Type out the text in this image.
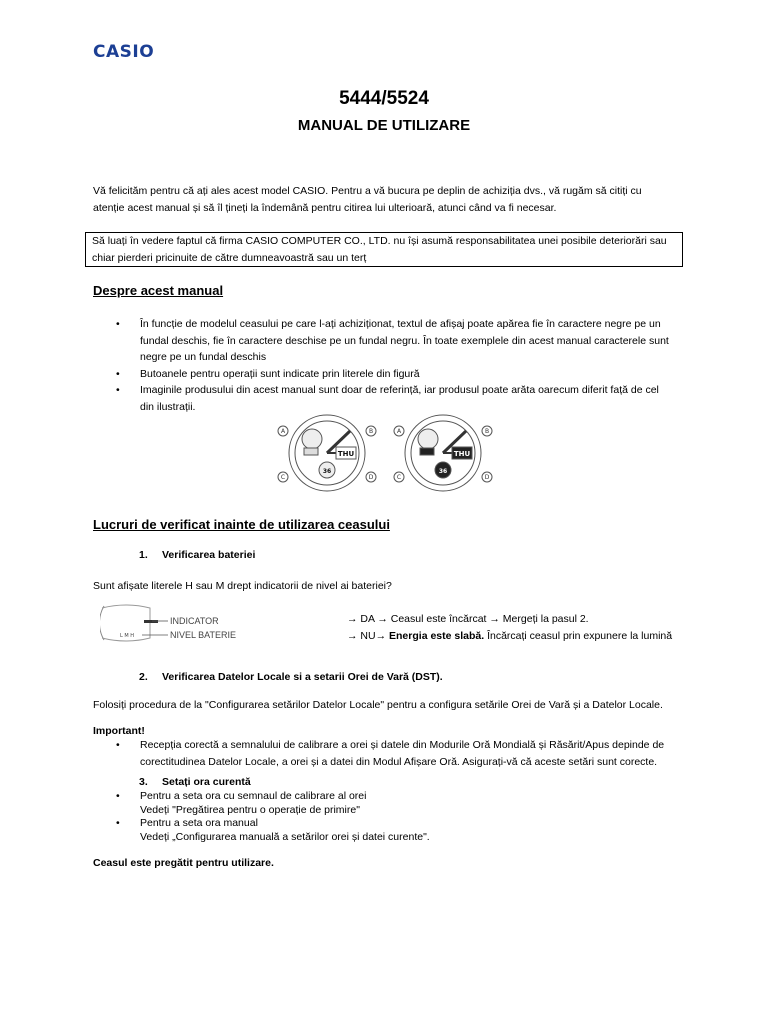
CASIO
5444/5524
MANUAL DE UTILIZARE
Vă felicităm pentru că ați ales acest model CASIO. Pentru a vă bucura pe deplin de achiziția dvs., vă rugăm să citiți cu
atenție acest manual și să îl țineți la îndemână pentru citirea lui ulterioară, atunci când va fi necesar.
Să luați în vedere faptul că firma CASIO COMPUTER CO., LTD. nu își asumă responsabilitatea unei posibile deteriorări sau
chiar pierderi pricinuite de către dumneavoastră sau un terț
Despre acest manual
• În funcție de modelul ceasului pe care l-ați achiziționat, textul de afișaj poate apărea fie în caractere negre pe un
fundal deschis, fie în caractere deschise pe un fundal negru. În toate exemplele din acest manual caracterele sunt
negre pe un fundal deschis
• Butoanele pentru operații sunt indicate prin literele din figură
• Imaginile produsului din acest manual sunt doar de referință, iar produsul poate arăta oarecum diferit față de cel
din ilustrații.
A	B
C	D
A	B
C	D
THU
36
THU
36
Lucruri de verificat inainte de utilizarea ceasului
1. Verificarea bateriei
Sunt afișate literele H sau M drept indicatorii de nivel ai bateriei?
L M H
INDICATOR
NIVEL BATERIE
→ DA → Ceasul este încărcat → Mergeți la pasul 2.
→ NU→ Energia este slabă. Încărcați ceasul prin expunere la lumină
2. Verificarea Datelor Locale si a setarii Orei de Vară (DST).
Folosiți procedura de la "Configurarea setărilor Datelor Locale" pentru a configura setările Orei de Vară și a Datelor Locale.
Important!
• Recepția corectă a semnalului de calibrare a orei și datele din Modurile Oră Mondială și Răsărit/Apus depinde de
corectitudinea Datelor Locale, a orei și a datei din Modul Afișare Oră. Asigurați-vă că aceste setări sunt corecte.
3. Setați ora curentă
• Pentru a seta ora cu semnaul de calibrare al orei
Vedeți "Pregătirea pentru o operație de primire"
• Pentru a seta ora manual
Vedeți „Configurarea manuală a setărilor orei și datei curente".
Ceasul este pregătit pentru utilizare.
